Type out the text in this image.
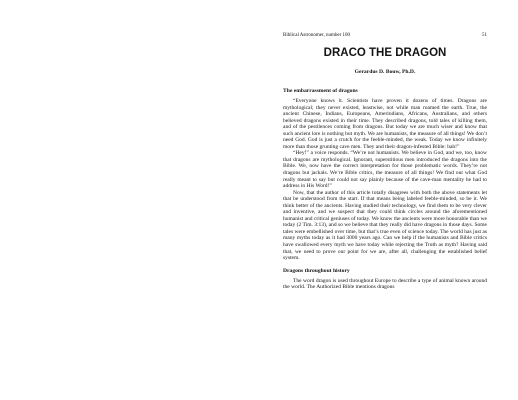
Biblical Astronomer, number 100	51
DRACO THE DRAGON
Gerardus D. Bouw, Ph.D.
The embarrassment of dragons

“Everyone knows it. Scientists have proven it dozens of times. Dragons are mythological; they never existed, leastwise, not while man roamed the earth. True, the ancient Chinese, Indians, Europeans, Amerindians, Africans, Australians, and others believed dragons existed in their time. They described dragons, told tales of killing them, and of the pestilences coming from dragons. But today we are much wiser and know that such ancient lore is nothing but myth. We are humanists, the measure of all things! We don’t need God. God is just a crutch for the feeble-minded, the weak. Today we know infinitely more than those grunting cave men. They and their dragon-infested Bible: bah!”

“Hey!” a voice responds. “We’re not humanists. We believe in God, and we, too, know that dragons are mythological. Ignorant, superstitious men introduced the dragons into the Bible. We, now have the correct interpretation for those problematic words. They’re not dragons but jackals. We’re Bible critics, the measure of all things! We find out what God really meant to say but could not say plainly because of the cave-man mentality he had to address in His Word!”

Now, that the author of this article totally disagrees with both the above statements let that be understood from the start. If that means being labeled feeble-minded, so be it. We think better of the ancients. Having studied their technology, we find them to be very clever and inventive, and we suspect that they could think circles around the aforementioned humanist and critical geniuses of today. We know the ancients were more honorable than we today (2 Tim. 3:13), and so we believe that they really did have dragons in those days. Some tales were embellished over time, but that’s true even of science today. The world has just as many myths today as it had 3000 years ago. Can we help if the humanists and Bible critics have swallowed every myth we have today while rejecting the Truth as myth? Having said that, we need to prove our point for we are, after all, challenging the established belief system.

Dragons throughout history

The word dragon is used throughout Europe to describe a type of animal known around the world. The Authorized Bible mentions dragons
